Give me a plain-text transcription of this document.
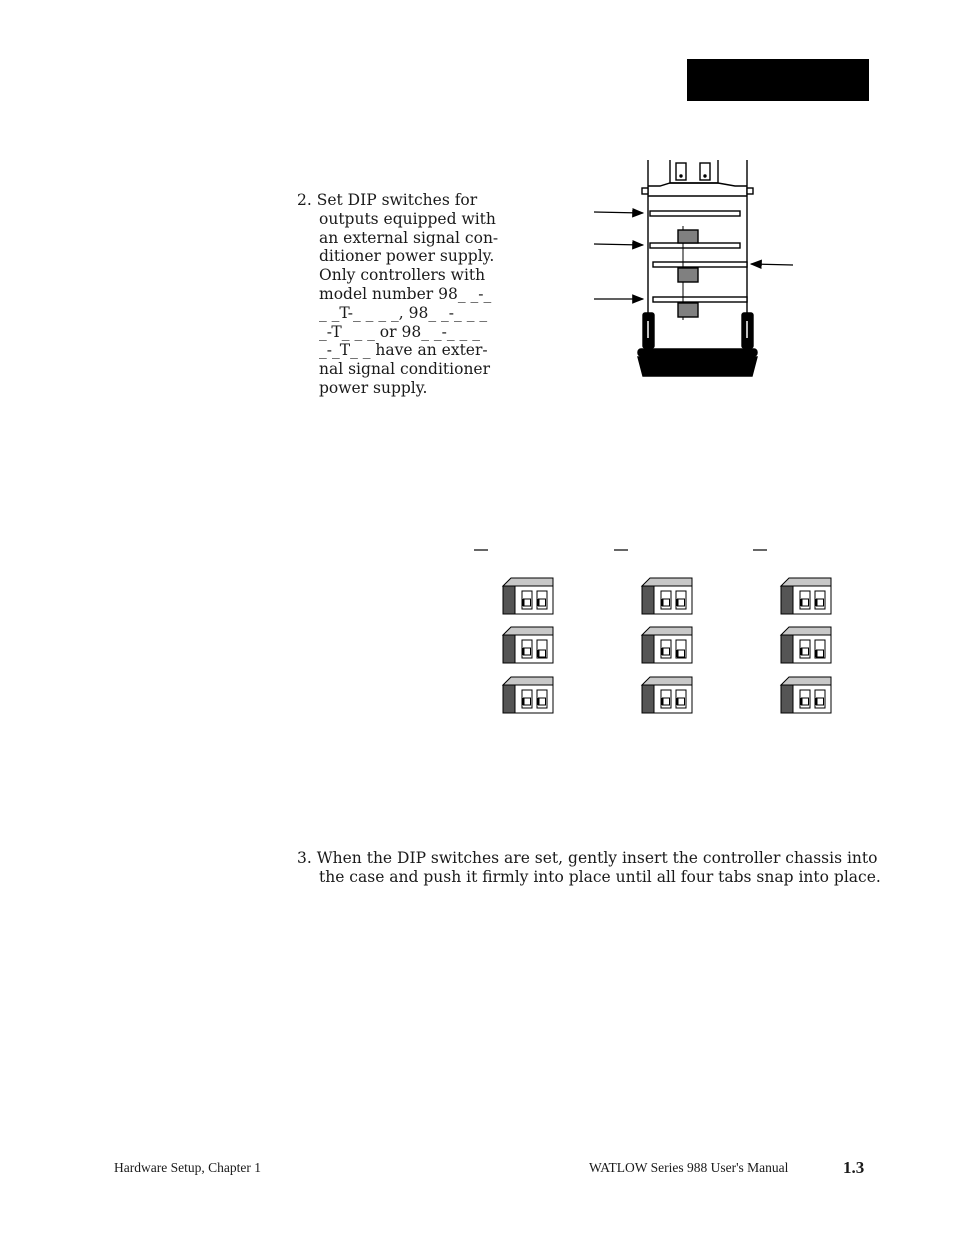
2. Set DIP switches for
outputs equipped with
an external signal con-
ditioner power supply.
Only controllers with
model number 98_ _-_
_ _T-_ _ _ _, 98_ _-_ _ _
_-T_ _ _ or 98_ _-_ _ _
_-_T_ _ have an exter-
nal signal conditioner
power supply.
3. When the DIP switches are set, gently insert the controller chassis into
the case and push it firmly into place until all four tabs snap into place.
Hardware Setup, Chapter 1	WATLOW Series 988 User's Manual	1.3
